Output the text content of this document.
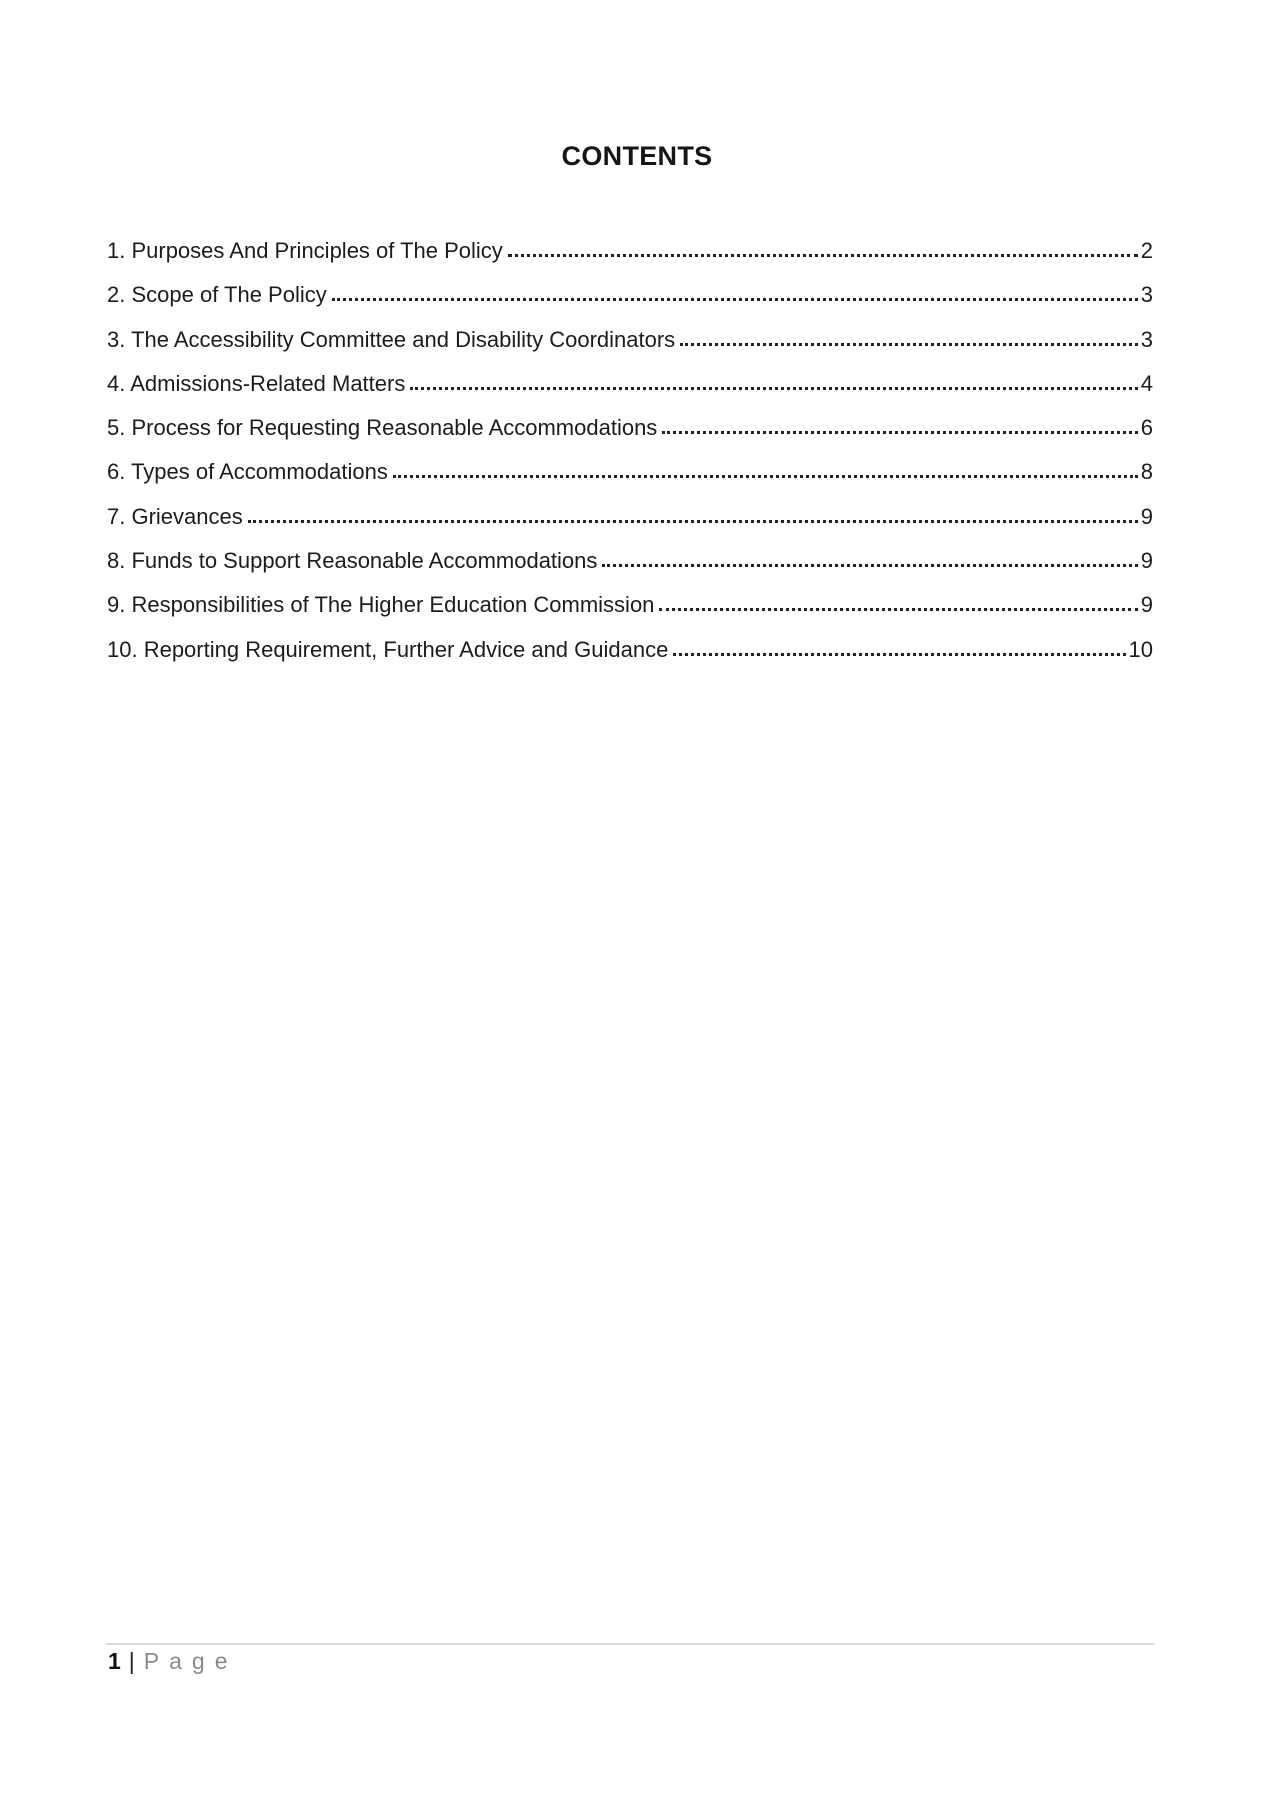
CONTENTS
1. Purposes And Principles of The Policy	2
2. Scope of The Policy	3
3. The Accessibility Committee and Disability Coordinators	3
4. Admissions-Related Matters	4
5. Process for Requesting Reasonable Accommodations	6
6. Types of Accommodations	8
7. Grievances	9
8. Funds to Support Reasonable Accommodations	9
9. Responsibilities of The Higher Education Commission	9
10. Reporting Requirement, Further Advice and Guidance	10
1 | Page
